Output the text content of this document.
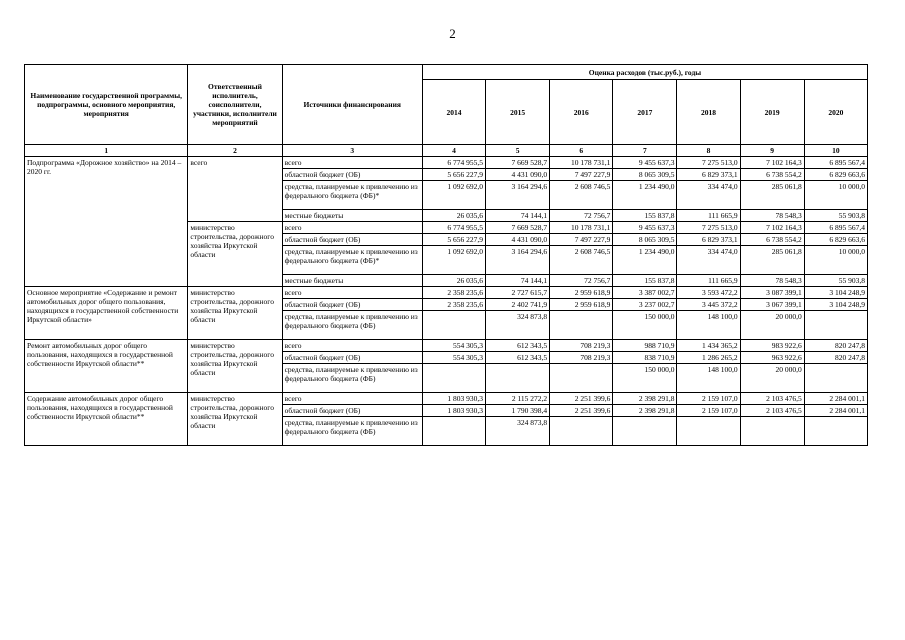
2
Наименование государственной программы, подпрограммы, основного мероприятия, мероприятия	Ответственный исполнитель, соисполнители, участники, исполнители мероприятий	Источники финансирования	Оценка расходов (тыс.руб.), годы						
			2014	2015	2016	2017	2018	2019	2020
1	2	3	4	5	6	7	8	9	10
Подпрограмма «Дорожное хозяйство» на 2014 – 2020 гг.	всего	всего	6 774 955,5	7 669 528,7	10 178 731,1	9 455 637,3	7 275 513,0	7 102 164,3	6 895 567,4
		областной бюджет (ОБ)	5 656 227,9	4 431 090,0	7 497 227,9	8 065 309,5	6 829 373,1	6 738 554,2	6 829 663,6
		средства, планируемые к привлечению из федерального бюджета (ФБ)*	1 092 692,0	3 164 294,6	2 608 746,5	1 234 490,0	334 474,0	285 061,8	10 000,0
		местные бюджеты	26 035,6	74 144,1	72 756,7	155 837,8	111 665,9	78 548,3	55 903,8
	министерство строительства, дорожного хозяйства Иркутской области	всего	6 774 955,5	7 669 528,7	10 178 731,1	9 455 637,3	7 275 513,0	7 102 164,3	6 895 567,4
		областной бюджет (ОБ)	5 656 227,9	4 431 090,0	7 497 227,9	8 065 309,5	6 829 373,1	6 738 554,2	6 829 663,6
		средства, планируемые к привлечению из федерального бюджета (ФБ)*	1 092 692,0	3 164 294,6	2 608 746,5	1 234 490,0	334 474,0	285 061,8	10 000,0
		местные бюджеты	26 035,6	74 144,1	72 756,7	155 837,8	111 665,9	78 548,3	55 903,8
Основное мероприятие «Содержание и ремонт автомобильных дорог общего пользования, находящихся в государственной собственности Иркутской области»	министерство строительства, дорожного хозяйства Иркутской области	всего	2 358 235,6	2 727 615,7	2 959 618,9	3 387 002,7	3 593 472,2	3 087 399,1	3 104 248,9
		областной бюджет (ОБ)	2 358 235,6	2 402 741,9	2 959 618,9	3 237 002,7	3 445 372,2	3 067 399,1	3 104 248,9
		средства, планируемые к привлечению из федерального бюджета (ФБ)		324 873,8		150 000,0	148 100,0	20 000,0	
Ремонт автомобильных дорог общего пользования, находящихся в государственной собственности Иркутской области**	министерство строительства, дорожного хозяйства Иркутской области	всего	554 305,3	612 343,5	708 219,3	988 710,9	1 434 365,2	983 922,6	820 247,8
		областной бюджет (ОБ)	554 305,3	612 343,5	708 219,3	838 710,9	1 286 265,2	963 922,6	820 247,8
		средства, планируемые к привлечению из федерального бюджета (ФБ)				150 000,0	148 100,0	20 000,0	
Содержание автомобильных дорог общего пользования, находящихся в государственной собственности Иркутской области**	министерство строительства, дорожного хозяйства Иркутской области	всего	1 803 930,3	2 115 272,2	2 251 399,6	2 398 291,8	2 159 107,0	2 103 476,5	2 284 001,1
		областной бюджет (ОБ)	1 803 930,3	1 790 398,4	2 251 399,6	2 398 291,8	2 159 107,0	2 103 476,5	2 284 001,1
		средства, планируемые к привлечению из федерального бюджета (ФБ)		324 873,8					
